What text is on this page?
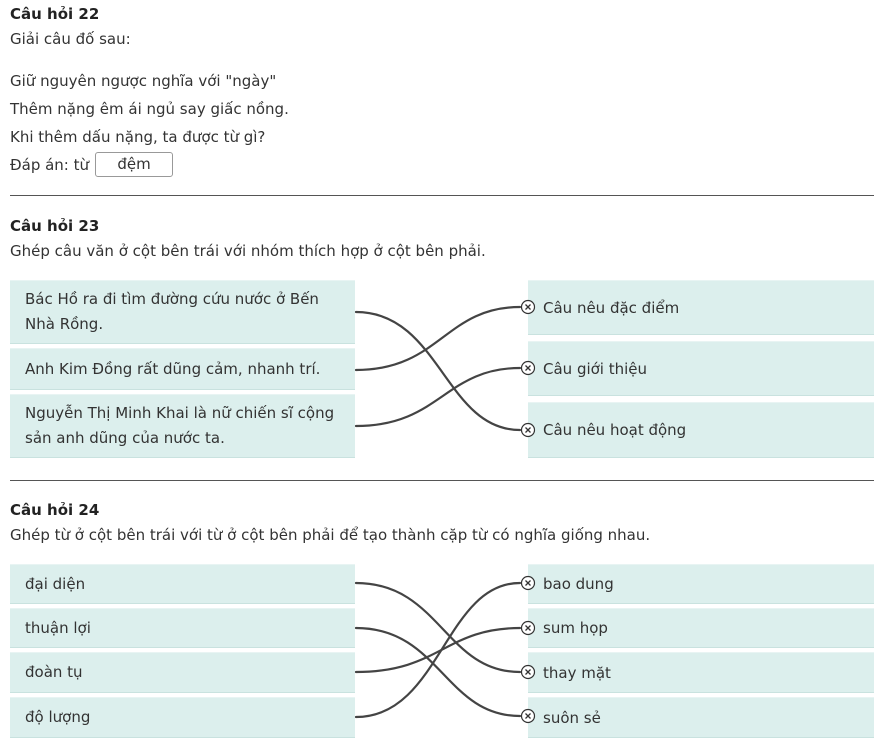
Câu hỏi 22
Giải câu đố sau:
Giữ nguyên ngược nghĩa với "ngày"
Thêm nặng êm ái ngủ say giấc nồng.
Khi thêm dấu nặng, ta được từ gì?
Đáp án: từ	đệm
Câu hỏi 23
Ghép câu văn ở cột bên trái với nhóm thích hợp ở cột bên phải.
Bác Hồ ra đi tìm đường cứu nước ở Bến Nhà Rồng.
Anh Kim Đồng rất dũng cảm, nhanh trí.
Nguyễn Thị Minh Khai là nữ chiến sĩ cộng sản anh dũng của nước ta.
Câu nêu đặc điểm
Câu giới thiệu
Câu nêu hoạt động
Câu hỏi 24
Ghép từ ở cột bên trái với từ ở cột bên phải để tạo thành cặp từ có nghĩa giống nhau.
đại diện
thuận lợi
đoàn tụ
độ lượng
bao dung
sum họp
thay mặt
suôn sẻ
